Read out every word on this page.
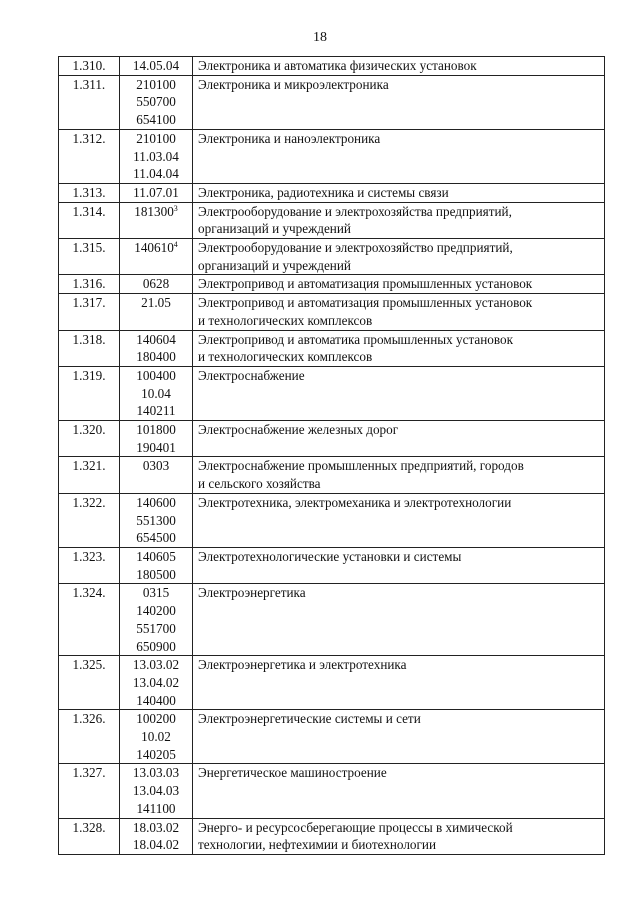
18
1.310.	14.05.04	Электроника и автоматика физических установок

1.311.	210100
550700
654100	Электроника и микроэлектроника

1.312.	210100
11.03.04
11.04.04	Электроника и наноэлектроника

1.313.	11.07.01	Электроника, радиотехника и системы связи

1.314.	181300$^3$	Электрооборудование и электрохозяйства предприятий,
организаций и учреждений

1.315.	140610$^4$	Электрооборудование и электрохозяйство предприятий,
организаций и учреждений

1.316.	0628	Электропривод и автоматизация промышленных установок

1.317.	21.05	Электропривод и автоматизация промышленных установок
и технологических комплексов

1.318.	140604
180400	Электропривод и автоматика промышленных установок
и технологических комплексов

1.319.	100400
10.04
140211	Электроснабжение

1.320.	101800
190401	Электроснабжение железных дорог

1.321.	0303	Электроснабжение промышленных предприятий, городов
и сельского хозяйства

1.322.	140600
551300
654500	Электротехника, электромеханика и электротехнологии

1.323.	140605
180500	Электротехнологические установки и системы

1.324.	0315
140200
551700
650900	Электроэнергетика

1.325.	13.03.02
13.04.02
140400	Электроэнергетика и электротехника

1.326.	100200
10.02
140205	Электроэнергетические системы и сети

1.327.	13.03.03
13.04.03
141100	Энергетическое машиностроение

1.328.	18.03.02
18.04.02	Энерго- и ресурсосберегающие процессы в химической
технологии, нефтехимии и биотехнологии
